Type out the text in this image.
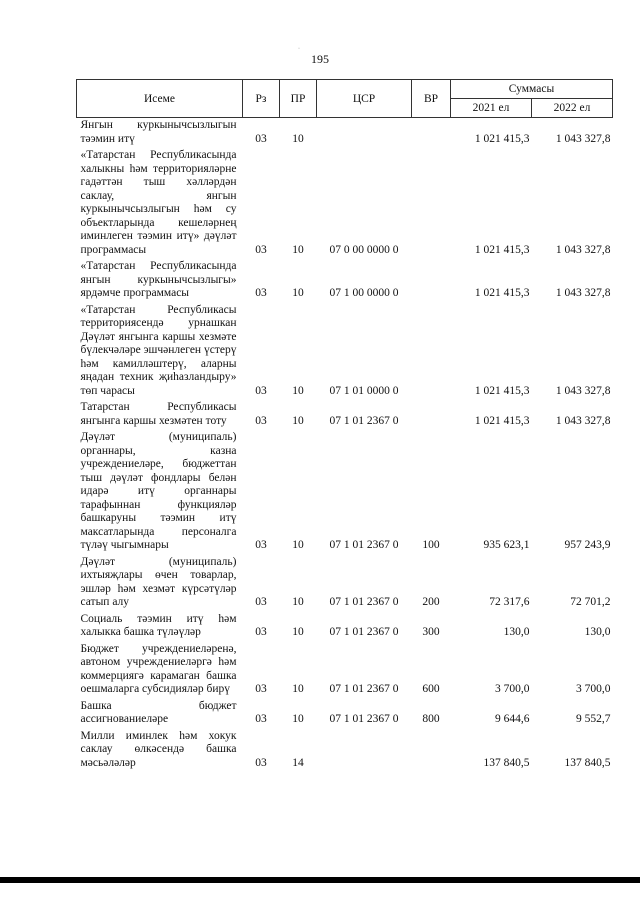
·
195
Исеме	Рз	ПР	ЦСР	ВР	Суммасы	
					2021 ел	2022 ел
Янгын куркынычсызлыгын тәэмин итү	03	10			1 021 415,3	1 043 327,8
«Татарстан Республикасында халыкны һәм территорияләрне гадәттән тыш хәлләрдән саклау, янгын куркынычсызлыгын һәм су объектларында кешеләрнең иминлеген тәэмин итү» дәүләт программасы	03	10	07 0 00 0000 0		1 021 415,3	1 043 327,8
«Татарстан Республикасында янгын куркынычсызлыгы» ярдәмче программасы	03	10	07 1 00 0000 0		1 021 415,3	1 043 327,8
«Татарстан Республикасы территориясендә урнашкан Дәүләт янгынга каршы хезмәте бүлекчәләре эшчәнлеген үстерү һәм камилләштерү, аларны яңадан техник җиһазландыру» төп чарасы	03	10	07 1 01 0000 0		1 021 415,3	1 043 327,8
Татарстан Республикасы янгынга каршы хезмәтен тоту	03	10	07 1 01 2367 0		1 021 415,3	1 043 327,8
Дәүләт (муниципаль) органнары, казна учреждениеләре, бюджеттан тыш дәүләт фондлары белән идарә итү органнары тарафыннан функцияләр башкаруны тәэмин итү максатларында персоналга түләү чыгымнары	03	10	07 1 01 2367 0	100	935 623,1	957 243,9
Дәүләт (муниципаль) ихтыяҗлары өчен товарлар, эшләр һәм хезмәт күрсәтүләр сатып алу	03	10	07 1 01 2367 0	200	72 317,6	72 701,2
Социаль тәэмин итү һәм халыкка башка түләүләр	03	10	07 1 01 2367 0	300	130,0	130,0
Бюджет учреждениеләренә, автоном учреждениеләргә һәм коммерциягә карамаган башка оешмаларга субсидияләр бирү	03	10	07 1 01 2367 0	600	3 700,0	3 700,0
Башка бюджет ассигнованиеләре	03	10	07 1 01 2367 0	800	9 644,6	9 552,7
Милли иминлек һәм хокук саклау өлкәсендә башка мәсьәләләр	03	14			137 840,5	137 840,5
